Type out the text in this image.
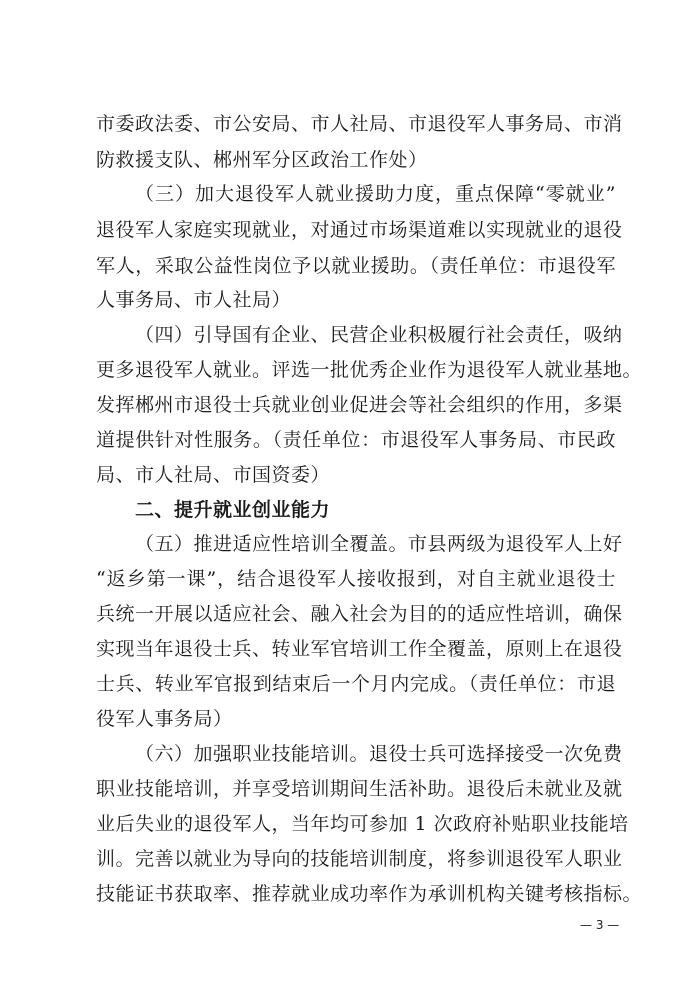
市委政法委、市公安局、市人社局、市退役军人事务局、市消
防救援支队、郴州军分区政治工作处）
（三）加大退役军人就业援助力度，重点保障“零就业”
退役军人家庭实现就业，对通过市场渠道难以实现就业的退役
军人，采取公益性岗位予以就业援助。（责任单位：市退役军
人事务局、市人社局）
（四）引导国有企业、民营企业积极履行社会责任，吸纳
更多退役军人就业。评选一批优秀企业作为退役军人就业基地。
发挥郴州市退役士兵就业创业促进会等社会组织的作用，多渠
道提供针对性服务。（责任单位：市退役军人事务局、市民政
局、市人社局、市国资委）
二、提升就业创业能力
（五）推进适应性培训全覆盖。市县两级为退役军人上好
“返乡第一课”，结合退役军人接收报到，对自主就业退役士
兵统一开展以适应社会、融入社会为目的的适应性培训，确保
实现当年退役士兵、转业军官培训工作全覆盖，原则上在退役
士兵、转业军官报到结束后一个月内完成。（责任单位：市退
役军人事务局）
（六）加强职业技能培训。退役士兵可选择接受一次免费
职业技能培训，并享受培训期间生活补助。退役后未就业及就
业后失业的退役军人，当年均可参加 1 次政府补贴职业技能培
训。完善以就业为导向的技能培训制度，将参训退役军人职业
技能证书获取率、推荐就业成功率作为承训机构关键考核指标。
— 3 —
